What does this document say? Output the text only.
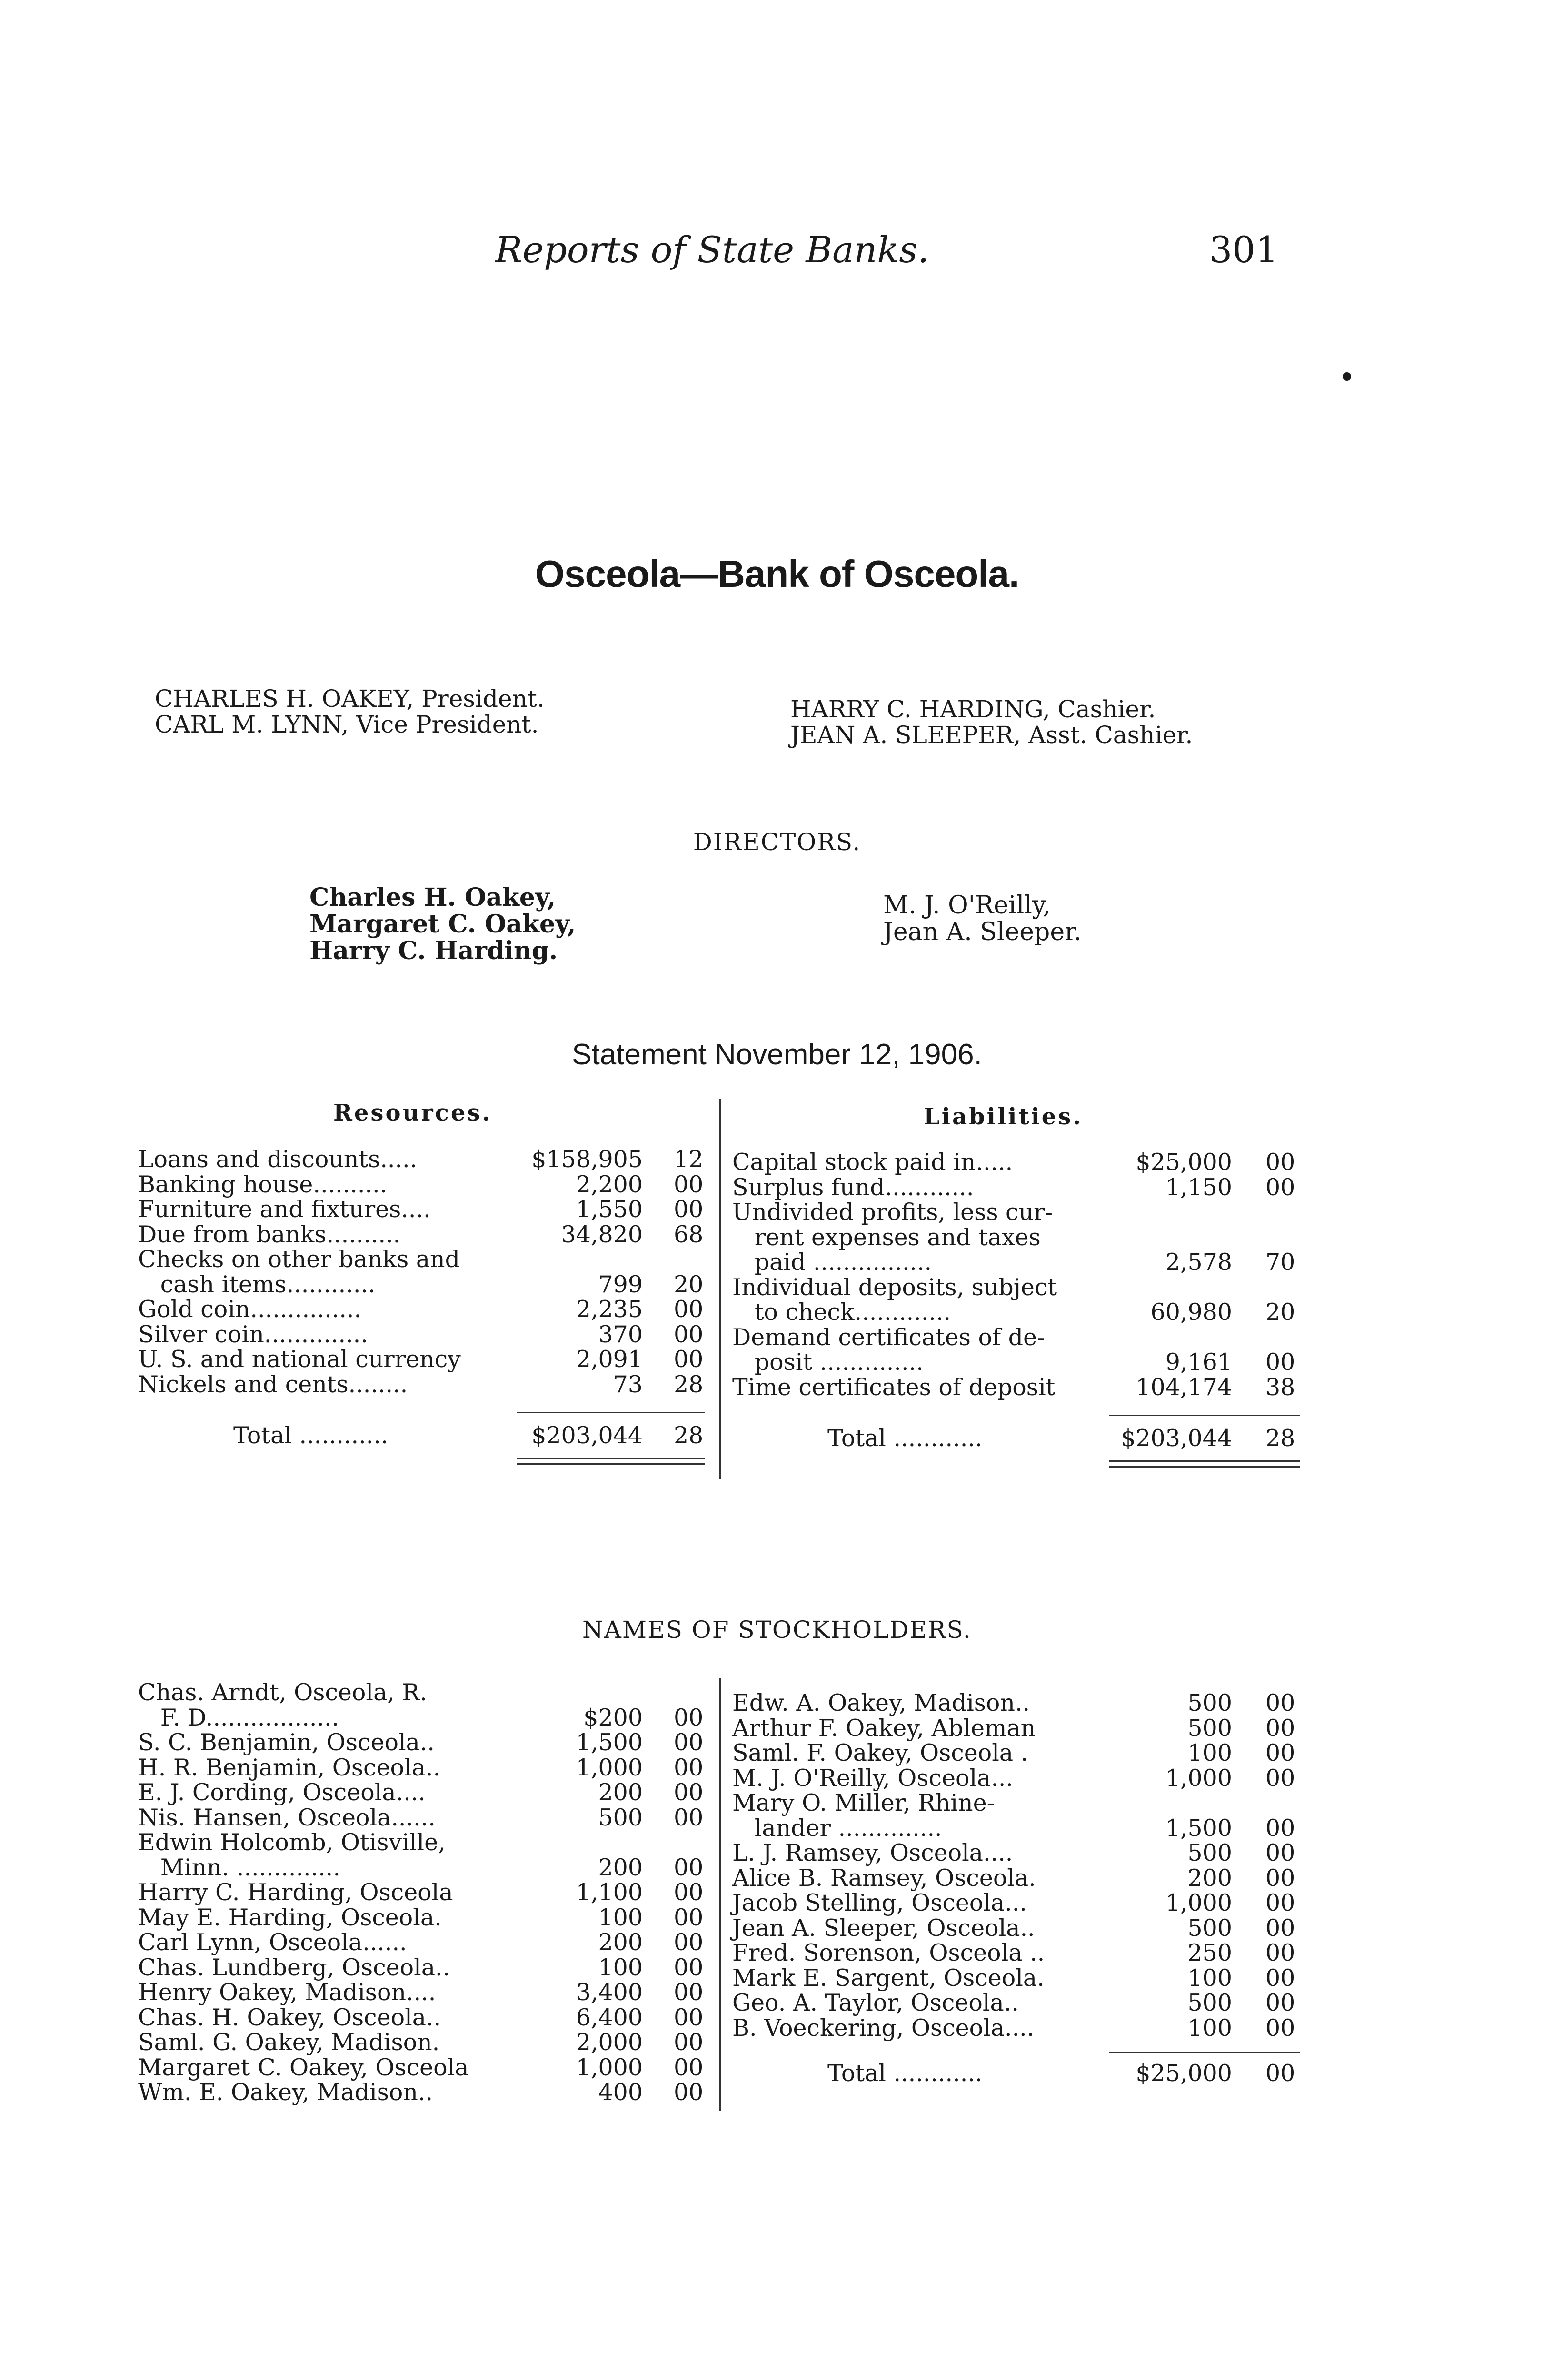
Reports of State Banks.	301
Osceola—Bank of Osceola.
CHARLES H. OAKEY, President.
CARL M. LYNN, Vice President.
HARRY C. HARDING, Cashier.
JEAN A. SLEEPER, Asst. Cashier.
DIRECTORS.
Charles H. Oakey,
Margaret C. Oakey,
Harry C. Harding.
M. J. O'Reilly,
Jean A. Sleeper.
Statement November 12, 1906.
Resources.	Liabilities.
Loans and discounts.....	$158,905 12
Banking house..........	2,200 00
Furniture and fixtures....	1,550 00
Due from banks..........	34,820 68
Checks on other banks and
cash items............	799 20
Gold coin...............	2,235 00
Silver coin..............	370 00
U. S. and national currency	2,091 00
Nickels and cents........	73 28
Total ............	$203,044 28
Capital stock paid in.....	$25,000 00
Surplus fund............	1,150 00
Undivided profits, less cur-
rent expenses and taxes
paid ................	2,578 70
Individual deposits, subject
to check.............	60,980 20
Demand certificates of de-
posit ..............	9,161 00
Time certificates of deposit	104,174 38
Total ............	$203,044 28
NAMES OF STOCKHOLDERS.
Chas. Arndt, Osceola, R.
F. D..................	$200 00
S. C. Benjamin, Osceola..	1,500 00
H. R. Benjamin, Osceola..	1,000 00
E. J. Cording, Osceola....	200 00
Nis. Hansen, Osceola......	500 00
Edwin Holcomb, Otisville,
Minn. ..............	200 00
Harry C. Harding, Osceola	1,100 00
May E. Harding, Osceola.	100 00
Carl Lynn, Osceola......	200 00
Chas. Lundberg, Osceola..	100 00
Henry Oakey, Madison....	3,400 00
Chas. H. Oakey, Osceola..	6,400 00
Saml. G. Oakey, Madison.	2,000 00
Margaret C. Oakey, Osceola	1,000 00
Wm. E. Oakey, Madison..	400 00
Edw. A. Oakey, Madison..	500 00
Arthur F. Oakey, Ableman	500 00
Saml. F. Oakey, Osceola .	100 00
M. J. O'Reilly, Osceola...	1,000 00
Mary O. Miller, Rhine-
lander ..............	1,500 00
L. J. Ramsey, Osceola....	500 00
Alice B. Ramsey, Osceola.	200 00
Jacob Stelling, Osceola...	1,000 00
Jean A. Sleeper, Osceola..	500 00
Fred. Sorenson, Osceola ..	250 00
Mark E. Sargent, Osceola.	100 00
Geo. A. Taylor, Osceola..	500 00
B. Voeckering, Osceola....	100 00
Total ............	$25,000 00
